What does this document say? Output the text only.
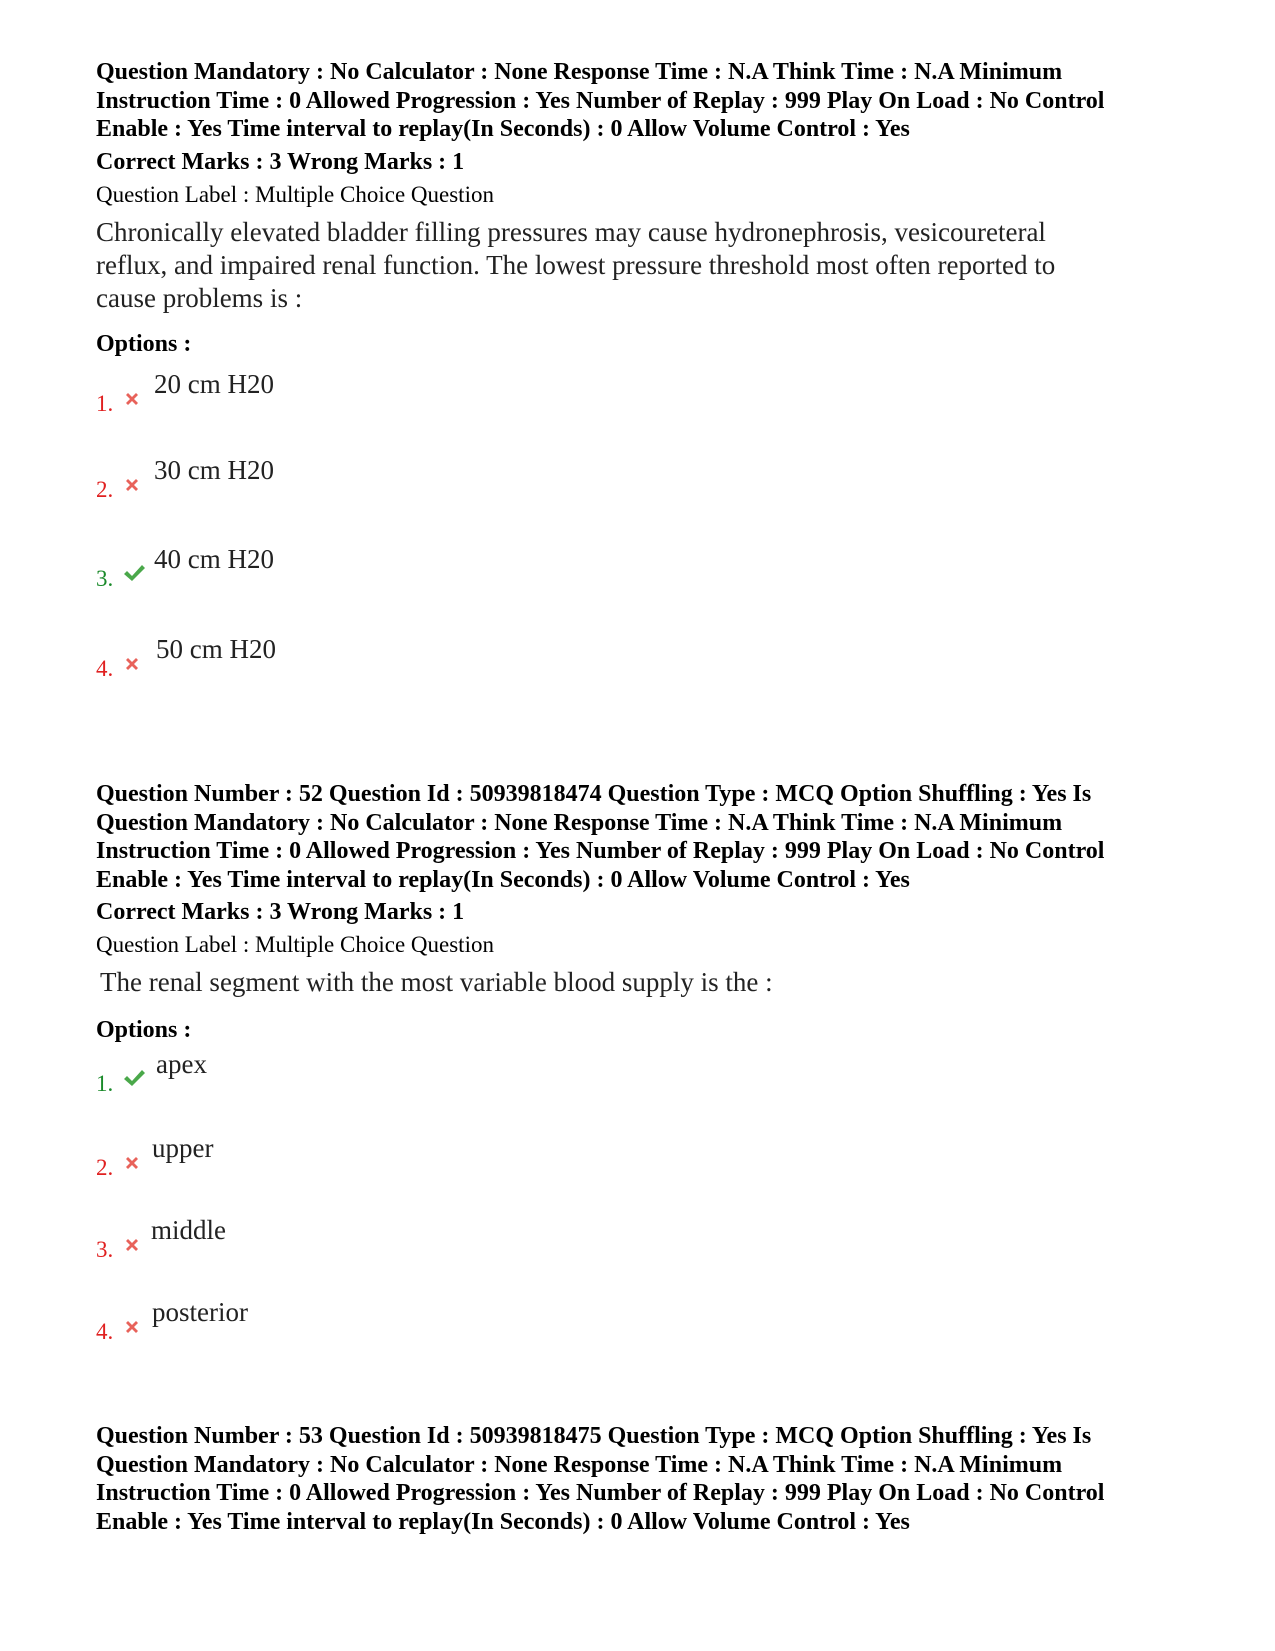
Question Mandatory : No Calculator : None Response Time : N.A Think Time : N.A Minimum
Instruction Time : 0 Allowed Progression : Yes Number of Replay : 999 Play On Load : No Control
Enable : Yes Time interval to replay(In Seconds) : 0 Allow Volume Control : Yes
Correct Marks : 3 Wrong Marks : 1
Question Label : Multiple Choice Question
Chronically elevated bladder filling pressures may cause hydronephrosis, vesicoureteral
reflux, and impaired renal function. The lowest pressure threshold most often reported to
cause problems is :
Options :
1.
20 cm H20
2.
30 cm H20
3.
40 cm H20
4.
50 cm H20
Question Number : 52 Question Id : 50939818474 Question Type : MCQ Option Shuffling : Yes Is
Question Mandatory : No Calculator : None Response Time : N.A Think Time : N.A Minimum
Instruction Time : 0 Allowed Progression : Yes Number of Replay : 999 Play On Load : No Control
Enable : Yes Time interval to replay(In Seconds) : 0 Allow Volume Control : Yes
Correct Marks : 3 Wrong Marks : 1
Question Label : Multiple Choice Question
The renal segment with the most variable blood supply is the :
Options :
1.
apex
2.
upper
3.
middle
4.
posterior
Question Number : 53 Question Id : 50939818475 Question Type : MCQ Option Shuffling : Yes Is
Question Mandatory : No Calculator : None Response Time : N.A Think Time : N.A Minimum
Instruction Time : 0 Allowed Progression : Yes Number of Replay : 999 Play On Load : No Control
Enable : Yes Time interval to replay(In Seconds) : 0 Allow Volume Control : Yes
